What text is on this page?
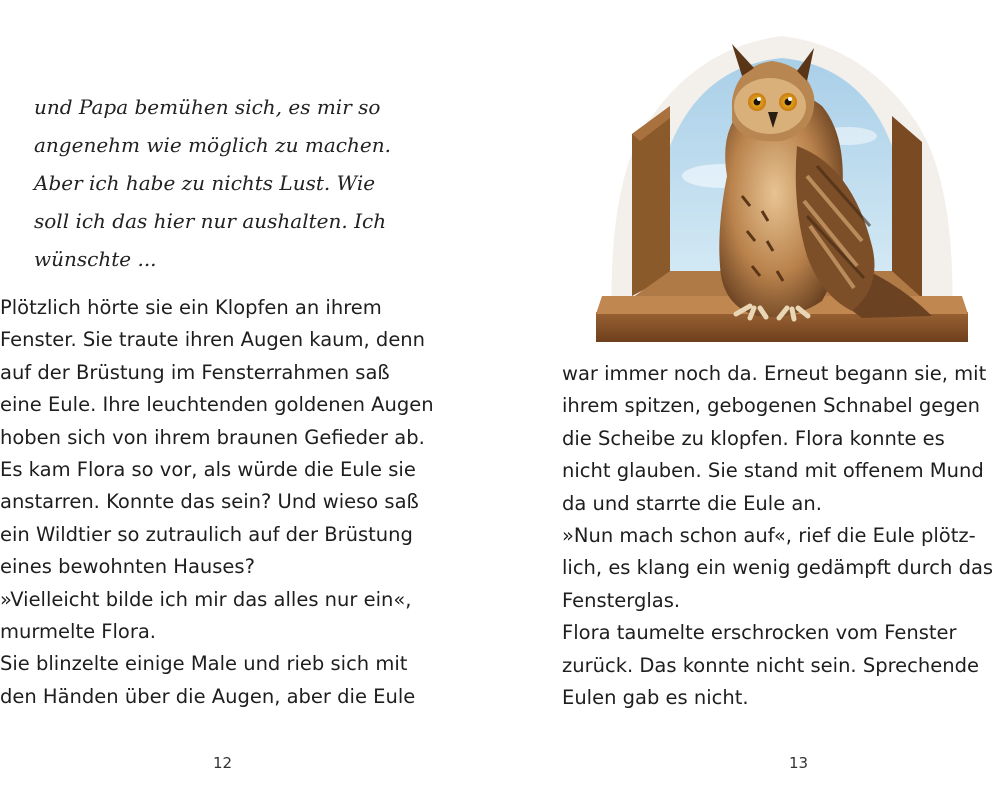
und Papa bemühen sich, es mir so
angenehm wie möglich zu machen.
Aber ich habe zu nichts Lust. Wie
soll ich das hier nur aushalten. Ich
wünschte ...
Plötzlich hörte sie ein Klopfen an ihrem
Fenster. Sie traute ihren Augen kaum, denn
auf der Brüstung im Fensterrahmen saß
eine Eule. Ihre leuchtenden goldenen Augen
hoben sich von ihrem braunen Gefieder ab.
Es kam Flora so vor, als würde die Eule sie
anstarren. Konnte das sein? Und wieso saß
ein Wildtier so zutraulich auf der Brüstung
eines bewohnten Hauses?
»Vielleicht bilde ich mir das alles nur ein«,
murmelte Flora.
Sie blinzelte einige Male und rieb sich mit
den Händen über die Augen, aber die Eule
12
war immer noch da. Erneut begann sie, mit
ihrem spitzen, gebogenen Schnabel gegen
die Scheibe zu klopfen. Flora konnte es
nicht glauben. Sie stand mit offenem Mund
da und starrte die Eule an.
»Nun mach schon auf«, rief die Eule plötz-
lich, es klang ein wenig gedämpft durch das
Fensterglas.
Flora taumelte erschrocken vom Fenster
zurück. Das konnte nicht sein. Sprechende
Eulen gab es nicht.
13
